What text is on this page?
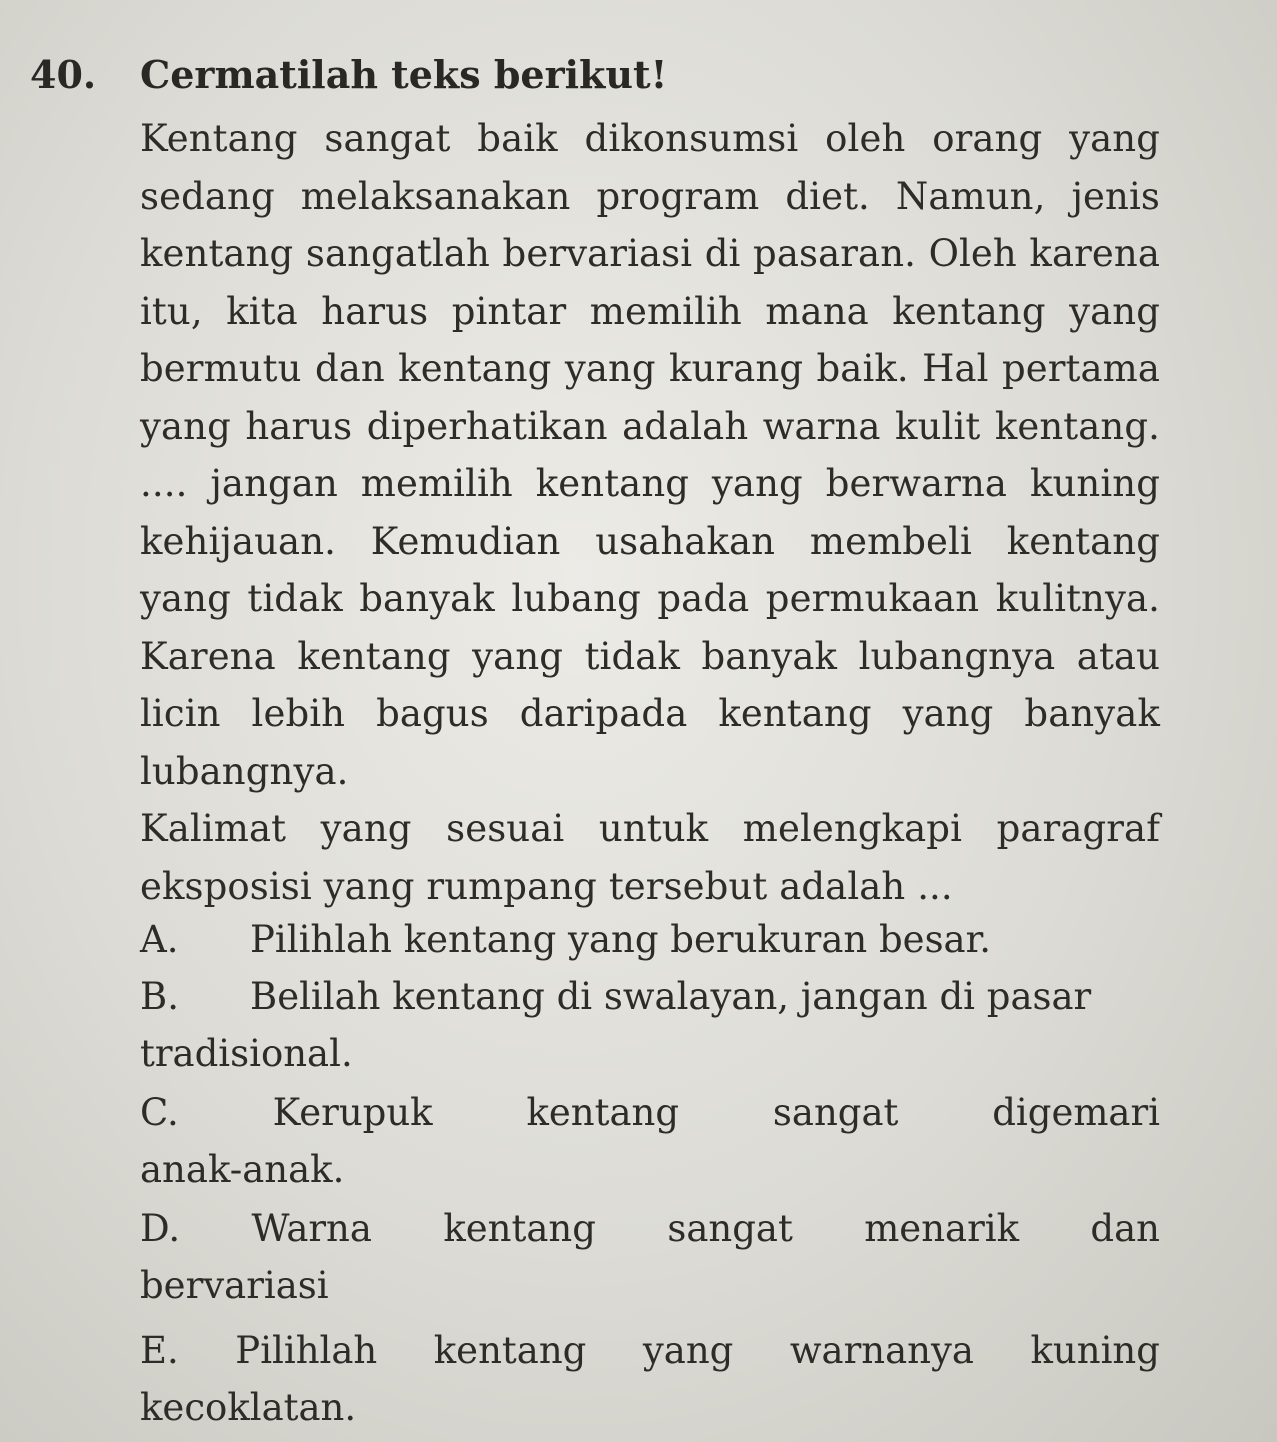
40. Cermatilah teks berikut!

Kentang sangat baik dikonsumsi oleh orang yang sedang melaksanakan program diet. Namun, jenis kentang sangatlah bervariasi di pasaran. Oleh karena itu, kita harus pintar memilih mana kentang yang bermutu dan kentang yang kurang baik. Hal pertama yang harus diperhatikan adalah warna kulit kentang. .... jangan memilih kentang yang berwarna kuning kehijauan. Kemudian usahakan membeli kentang yang tidak banyak lubang pada permukaan kulitnya. Karena kentang yang tidak banyak lubangnya atau licin lebih bagus daripada kentang yang banyak lubangnya.

Kalimat yang sesuai untuk melengkapi paragraf eksposisi yang rumpang tersebut adalah ...

A. Pilihlah kentang yang berukuran besar.
B. Belilah kentang di swalayan, jangan di pasar
tradisional.
C.	Kerupuk	kentang	sangat	digemari
anak-anak.
D. Warna kentang sangat menarik dan
bervariasi
E. Pilihlah kentang yang warnanya kuning
kecoklatan.
